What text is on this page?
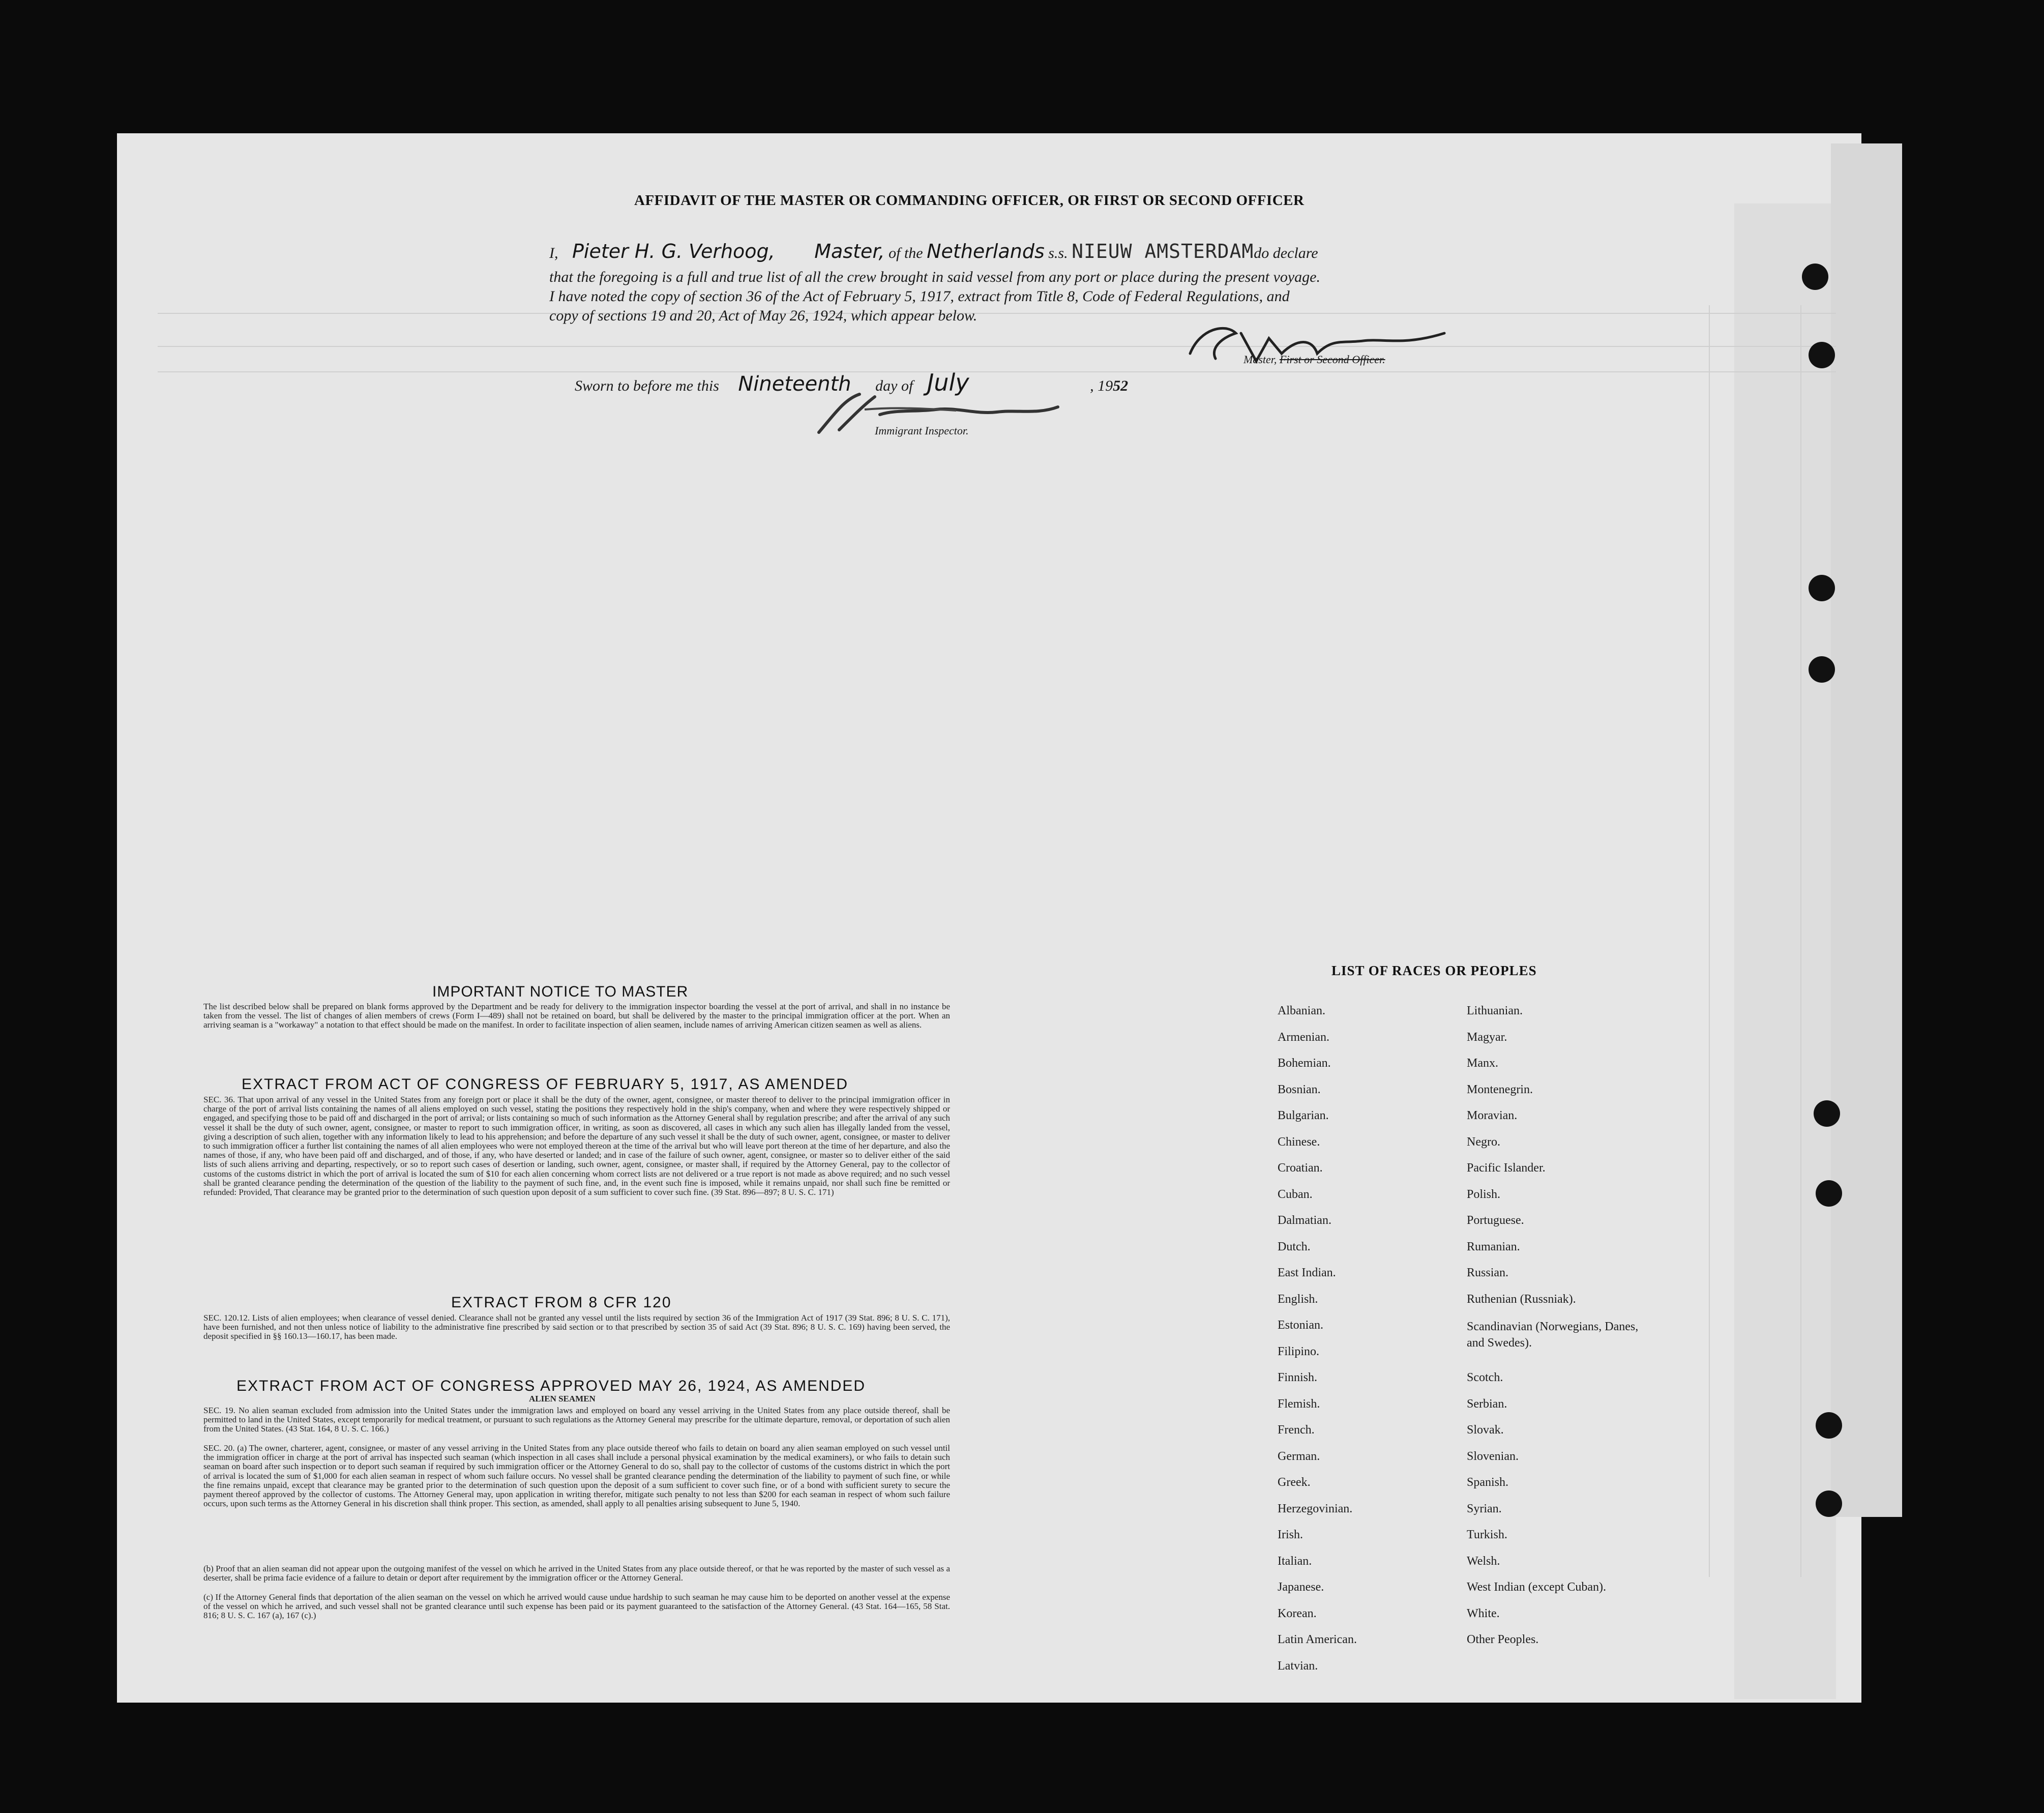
AFFIDAVIT OF THE MASTER OR COMMANDING OFFICER, OR FIRST OR SECOND OFFICER
I, Pieter H. G. Verhoog, Master, of the Netherlands s.s. NIEUW AMSTERDAMdo declare
that the foregoing is a full and true list of all the crew brought in said vessel from any port or place during the present voyage.
I have noted the copy of section 36 of the Act of February 5, 1917, extract from Title 8, Code of Federal Regulations, and
copy of sections 19 and 20, Act of May 26, 1924, which appear below.
Master, First or Second Officer.
Sworn to before me this Nineteenth day of July	, 1952
Immigrant Inspector.
IMPORTANT NOTICE TO MASTER
The list described below shall be prepared on blank forms approved by the Department and be ready for delivery to the immigration inspector boarding the vessel at the port of arrival, and shall in no instance be taken from the vessel. The list of changes of alien members of crews (Form I—489) shall not be retained on board, but shall be delivered by the master to the principal immigration officer at the port. When an arriving seaman is a "workaway" a notation to that effect should be made on the manifest. In order to facilitate inspection of alien seamen, include names of arriving American citizen seamen as well as aliens.
EXTRACT FROM ACT OF CONGRESS OF FEBRUARY 5, 1917, AS AMENDED
SEC. 36. That upon arrival of any vessel in the United States from any foreign port or place it shall be the duty of the owner, agent, consignee, or master thereof to deliver to the principal immigration officer in charge of the port of arrival lists containing the names of all aliens employed on such vessel, stating the positions they respectively hold in the ship's company, when and where they were respectively shipped or engaged, and specifying those to be paid off and discharged in the port of arrival; or lists containing so much of such information as the Attorney General shall by regulation prescribe; and after the arrival of any such vessel it shall be the duty of such owner, agent, consignee, or master to report to such immigration officer, in writing, as soon as discovered, all cases in which any such alien has illegally landed from the vessel, giving a description of such alien, together with any information likely to lead to his apprehension; and before the departure of any such vessel it shall be the duty of such owner, agent, consignee, or master to deliver to such immigration officer a further list containing the names of all alien employees who were not employed thereon at the time of the arrival but who will leave port thereon at the time of her departure, and also the names of those, if any, who have been paid off and discharged, and of those, if any, who have deserted or landed; and in case of the failure of such owner, agent, consignee, or master so to deliver either of the said lists of such aliens arriving and departing, respectively, or so to report such cases of desertion or landing, such owner, agent, consignee, or master shall, if required by the Attorney General, pay to the collector of customs of the customs district in which the port of arrival is located the sum of $10 for each alien concerning whom correct lists are not delivered or a true report is not made as above required; and no such vessel shall be granted clearance pending the determination of the question of the liability to the payment of such fine, and, in the event such fine is imposed, while it remains unpaid, nor shall such fine be remitted or refunded: Provided, That clearance may be granted prior to the determination of such question upon deposit of a sum sufficient to cover such fine. (39 Stat. 896—897; 8 U. S. C. 171)
EXTRACT FROM 8 CFR 120
SEC. 120.12. Lists of alien employees; when clearance of vessel denied. Clearance shall not be granted any vessel until the lists required by section 36 of the Immigration Act of 1917 (39 Stat. 896; 8 U. S. C. 171), have been furnished, and not then unless notice of liability to the administrative fine prescribed by said section or to that prescribed by section 35 of said Act (39 Stat. 896; 8 U. S. C. 169) having been served, the deposit specified in §§ 160.13—160.17, has been made.
EXTRACT FROM ACT OF CONGRESS APPROVED MAY 26, 1924, AS AMENDED
ALIEN SEAMEN
SEC. 19. No alien seaman excluded from admission into the United States under the immigration laws and employed on board any vessel arriving in the United States from any place outside thereof, shall be permitted to land in the United States, except temporarily for medical treatment, or pursuant to such regulations as the Attorney General may prescribe for the ultimate departure, removal, or deportation of such alien from the United States. (43 Stat. 164, 8 U. S. C. 166.)
SEC. 20. (a) The owner, charterer, agent, consignee, or master of any vessel arriving in the United States from any place outside thereof who fails to detain on board any alien seaman employed on such vessel until the immigration officer in charge at the port of arrival has inspected such seaman (which inspection in all cases shall include a personal physical examination by the medical examiners), or who fails to detain such seaman on board after such inspection or to deport such seaman if required by such immigration officer or the Attorney General to do so, shall pay to the collector of customs of the customs district in which the port of arrival is located the sum of $1,000 for each alien seaman in respect of whom such failure occurs. No vessel shall be granted clearance pending the determination of the liability to payment of such fine, or while the fine remains unpaid, except that clearance may be granted prior to the determination of such question upon the deposit of a sum sufficient to cover such fine, or of a bond with sufficient surety to secure the payment thereof approved by the collector of customs. The Attorney General may, upon application in writing therefor, mitigate such penalty to not less than $200 for each seaman in respect of whom such failure occurs, upon such terms as the Attorney General in his discretion shall think proper. This section, as amended, shall apply to all penalties arising subsequent to June 5, 1940.
(b) Proof that an alien seaman did not appear upon the outgoing manifest of the vessel on which he arrived in the United States from any place outside thereof, or that he was reported by the master of such vessel as a deserter, shall be prima facie evidence of a failure to detain or deport after requirement by the immigration officer or the Attorney General.
(c) If the Attorney General finds that deportation of the alien seaman on the vessel on which he arrived would cause undue hardship to such seaman he may cause him to be deported on another vessel at the expense of the vessel on which he arrived, and such vessel shall not be granted clearance until such expense has been paid or its payment guaranteed to the satisfaction of the Attorney General. (43 Stat. 164—165, 58 Stat. 816; 8 U. S. C. 167 (a), 167 (c).)
LIST OF RACES OR PEOPLES
Albanian.
Armenian.
Bohemian.
Bosnian.
Bulgarian.
Chinese.
Croatian.
Cuban.
Dalmatian.
Dutch.
East Indian.
English.
Estonian.
Filipino.
Finnish.
Flemish.
French.
German.
Greek.
Herzegovinian.
Irish.
Italian.
Japanese.
Korean.
Latin American.
Latvian.
Lithuanian.
Magyar.
Manx.
Montenegrin.
Moravian.
Negro.
Pacific Islander.
Polish.
Portuguese.
Rumanian.
Russian.
Ruthenian (Russniak).
Scandinavian (Norwegians, Danes, and Swedes).
Scotch.
Serbian.
Slovak.
Slovenian.
Spanish.
Syrian.
Turkish.
Welsh.
West Indian (except Cuban).
White.
Other Peoples.
